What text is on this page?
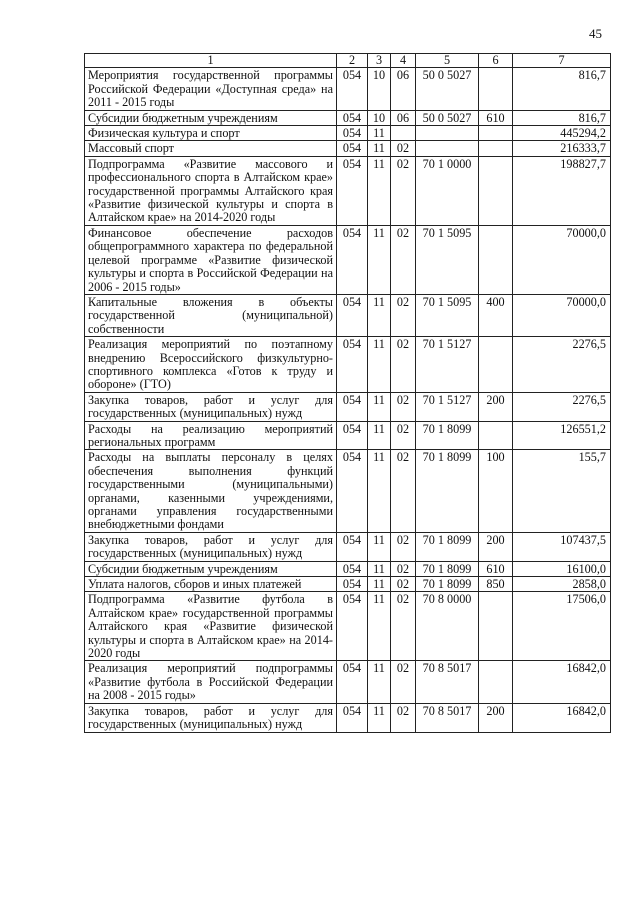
45
1	2	3	4	5	6	7
Мероприятия государственной программы Российской Федерации «Доступная среда» на 2011 - 2015 годы	054	10	06	50 0 5027		816,7
Субсидии бюджетным учреждениям	054	10	06	50 0 5027	610	816,7
Физическая культура и спорт	054	11				445294,2
Массовый спорт	054	11	02			216333,7
Подпрограмма «Развитие массового и профессионального спорта в Алтайском крае» государственной программы Алтайского края «Развитие физической культуры и спорта в Алтайском крае» на 2014-2020 годы	054	11	02	70 1 0000		198827,7
Финансовое обеспечение расходов общепрограммного характера по федеральной целевой программе «Развитие физической культуры и спорта в Российской Федерации на 2006 - 2015 годы»	054	11	02	70 1 5095		70000,0
Капитальные вложения в объекты государственной (муниципальной) собственности	054	11	02	70 1 5095	400	70000,0
Реализация мероприятий по поэтапному внедрению Всероссийского физкультурно-спортивного комплекса «Готов к труду и обороне» (ГТО)	054	11	02	70 1 5127		2276,5
Закупка товаров, работ и услуг для государственных (муниципальных) нужд	054	11	02	70 1 5127	200	2276,5
Расходы на реализацию мероприятий региональных программ	054	11	02	70 1 8099		126551,2
Расходы на выплаты персоналу в целях обеспечения выполнения функций государственными (муниципальными) органами, казенными учреждениями, органами управления государственными внебюджетными фондами	054	11	02	70 1 8099	100	155,7
Закупка товаров, работ и услуг для государственных (муниципальных) нужд	054	11	02	70 1 8099	200	107437,5
Субсидии бюджетным учреждениям	054	11	02	70 1 8099	610	16100,0
Уплата налогов, сборов и иных платежей	054	11	02	70 1 8099	850	2858,0
Подпрограмма «Развитие футбола в Алтайском крае» государственной программы Алтайского края «Развитие физической культуры и спорта в Алтайском крае» на 2014-2020 годы	054	11	02	70 8 0000		17506,0
Реализация мероприятий подпрограммы «Развитие футбола в Российской Федерации на 2008 - 2015 годы»	054	11	02	70 8 5017		16842,0
Закупка товаров, работ и услуг для государственных (муниципальных) нужд	054	11	02	70 8 5017	200	16842,0
